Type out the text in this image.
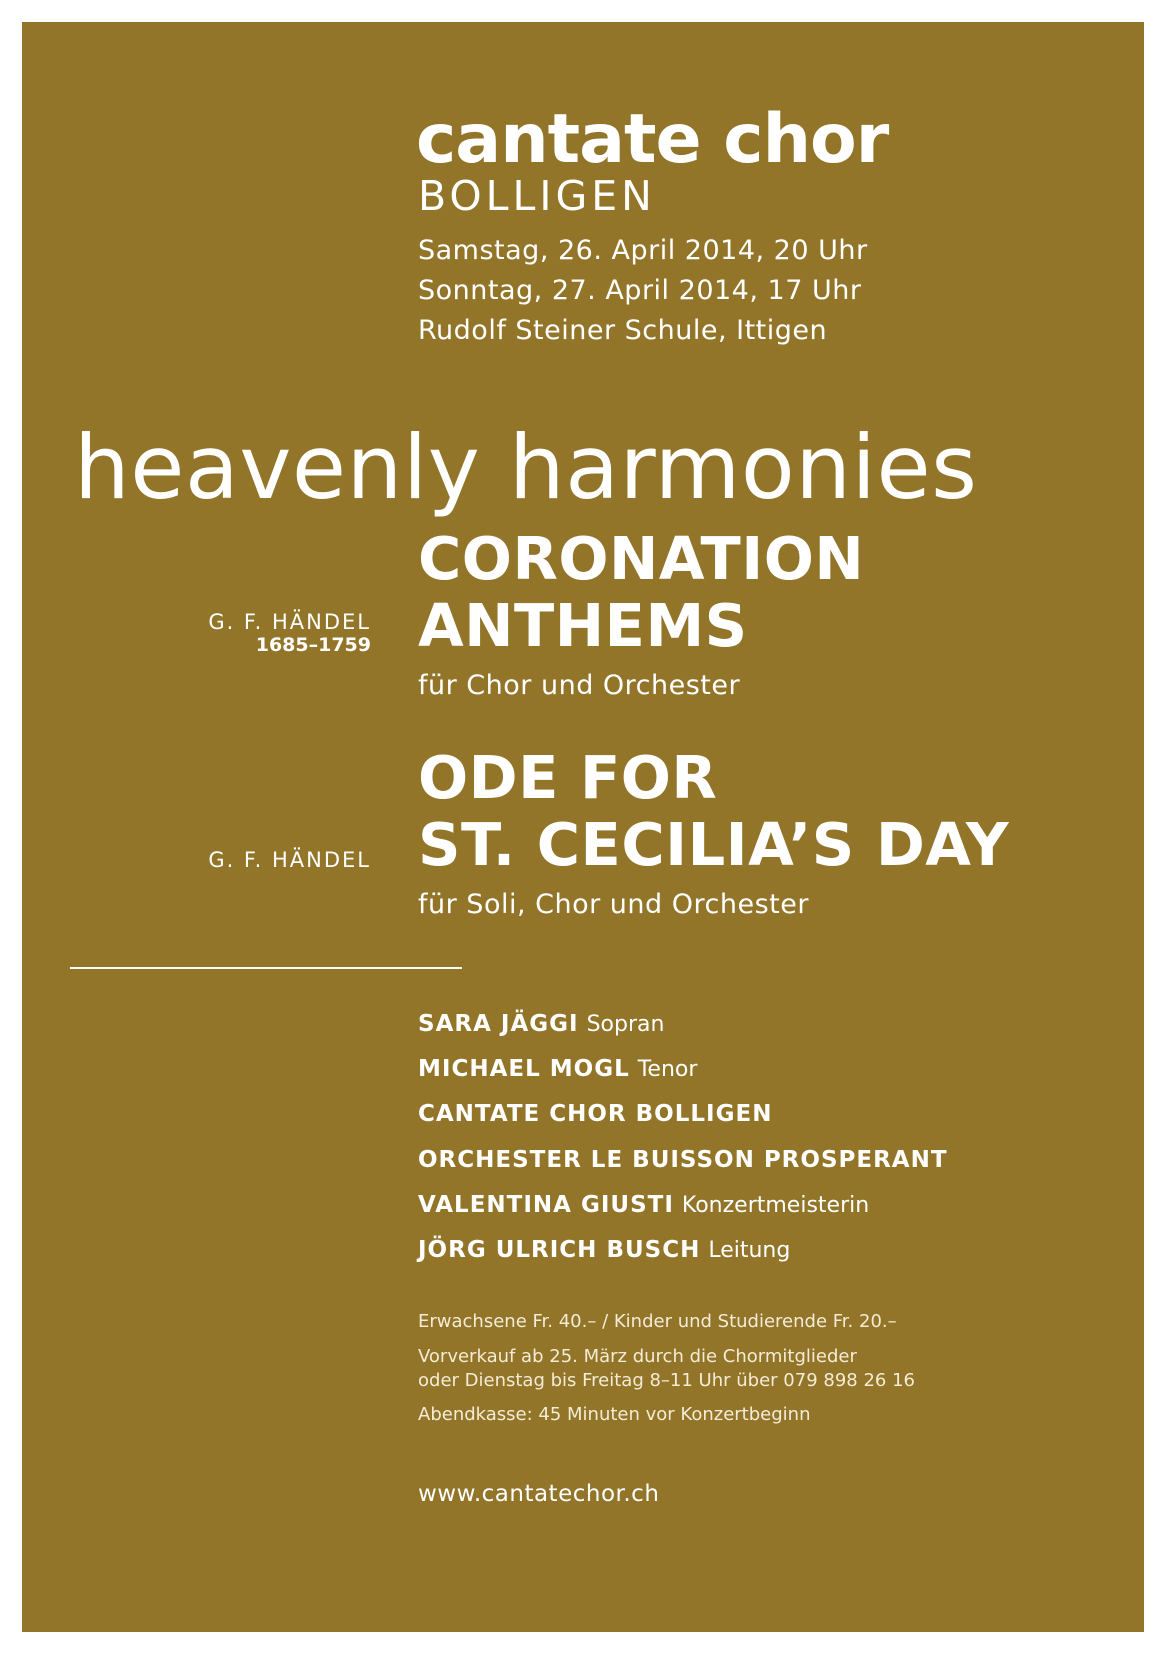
cantate chor
BOLLIGEN
Samstag, 26. April 2014, 20 Uhr
Sonntag, 27. April 2014, 17 Uhr
Rudolf Steiner Schule, Ittigen
heavenly harmonies
G. F. HÄNDEL
1685–1759
CORONATION
ANTHEMS
für Chor und Orchester
G. F. HÄNDEL
ODE FOR
ST. CECILIA’S DAY
für Soli, Chor und Orchester
SARA JÄGGI Sopran
MICHAEL MOGL Tenor
CANTATE CHOR BOLLIGEN
ORCHESTER LE BUISSON PROSPERANT
VALENTINA GIUSTI Konzertmeisterin
JÖRG ULRICH BUSCH Leitung
Erwachsene Fr. 40.– / Kinder und Studierende Fr. 20.–
Vorverkauf ab 25. März durch die Chormitglieder
oder Dienstag bis Freitag 8–11 Uhr über 079 898 26 16
Abendkasse: 45 Minuten vor Konzertbeginn
www.cantatechor.ch
